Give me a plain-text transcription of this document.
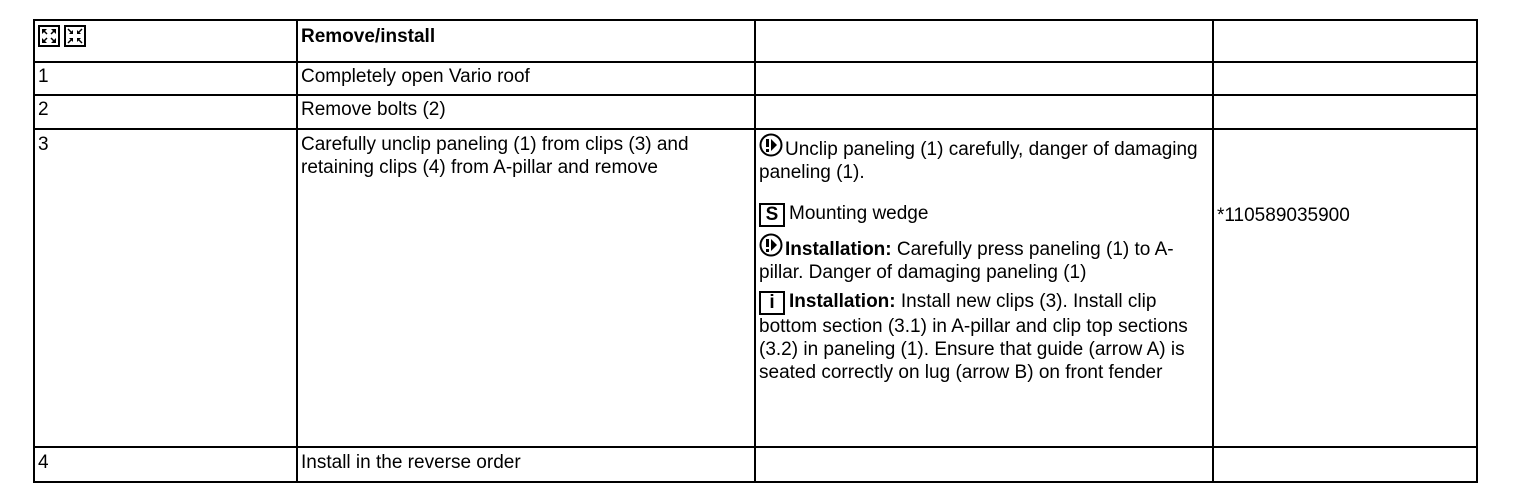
	Remove/install		
1	Completely open Vario roof		
2	Remove bolts (2)		
3	Carefully unclip paneling (1) from clips (3) and retaining clips (4) from A-pillar and remove	Unclip paneling (1) carefully, danger of damaging paneling (1).
S Mounting wedge
Installation: Carefully press paneling (1) to A-pillar. Danger of damaging paneling (1)
i Installation: Install new clips (3). Install clip bottom section (3.1) in A-pillar and clip top sections (3.2) in paneling (1). Ensure that guide (arrow A) is seated correctly on lug (arrow B) on front fender	*110589035900

4	Install in the reverse order		
